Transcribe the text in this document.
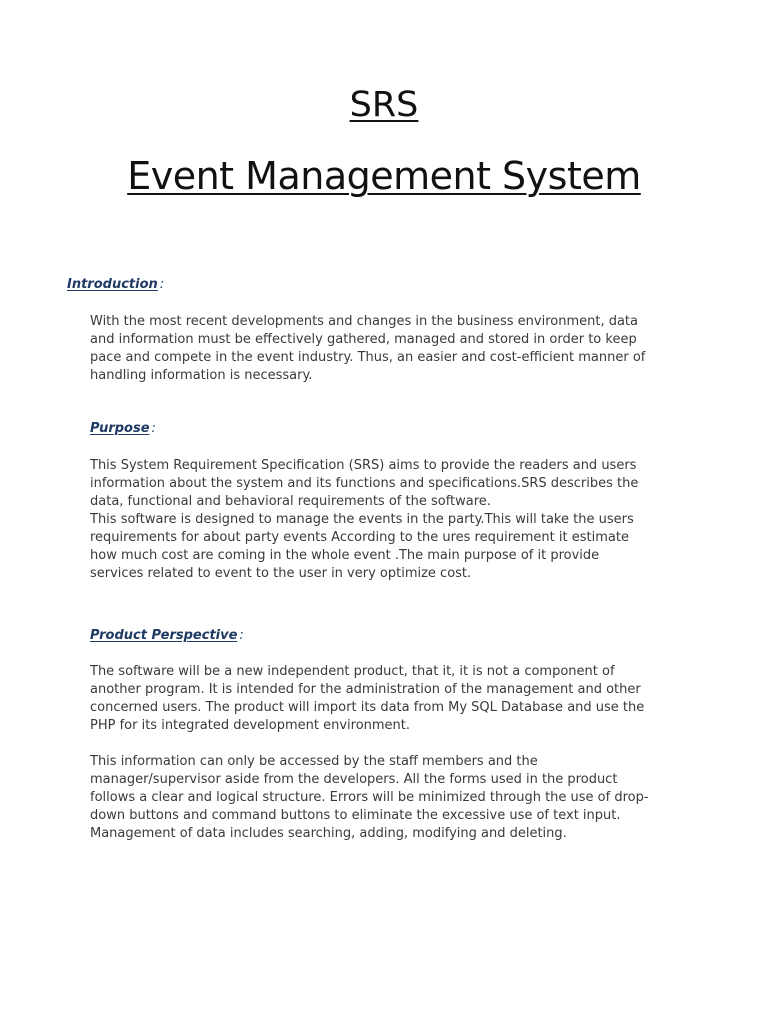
SRS
Event Management System
Introduction :

With the most recent developments and changes in the business environment, data
and information must be effectively gathered, managed and stored in order to keep
pace and compete in the event industry. Thus, an easier and cost-efficient manner of
handling information is necessary.

Purpose :

This System Requirement Specification (SRS) aims to provide the readers and users
information about the system and its functions and specifications.SRS describes the
data, functional and behavioral requirements of the software.
This software is designed to manage the events in the party.This will take the users
requirements for about party events According to the ures requirement it estimate
how much cost are coming in the whole event .The main purpose of it provide
services related to event to the user in very optimize cost.

Product Perspective :

The software will be a new independent product, that it, it is not a component of
another program. It is intended for the administration of the management and other
concerned users. The product will import its data from My SQL Database and use the
PHP for its integrated development environment.

This information can only be accessed by the staff members and the
manager/supervisor aside from the developers. All the forms used in the product
follows a clear and logical structure. Errors will be minimized through the use of drop-
down buttons and command buttons to eliminate the excessive use of text input.
Management of data includes searching, adding, modifying and deleting.
